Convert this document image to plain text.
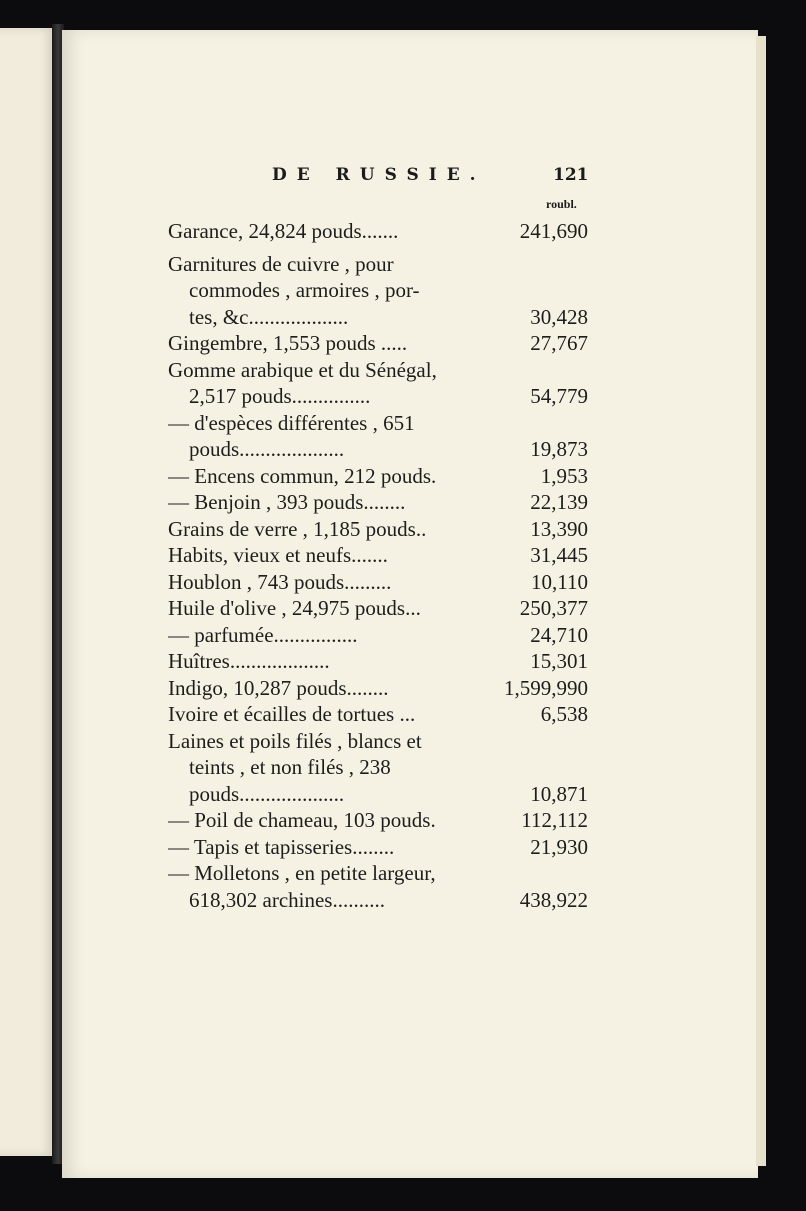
DE RUSSIE.	121
roubl.
Garance, 24,824 pouds.......	241,690
Garnitures de cuivre , pour
commodes , armoires , por-
tes, &c...................	30,428
Gingembre, 1,553 pouds .....	27,767
Gomme arabique et du Sénégal,
2,517 pouds...............	54,779
— d'espèces différentes , 651
pouds....................	19,873
— Encens commun, 212 pouds.	1,953
— Benjoin , 393 pouds........	22,139
Grains de verre , 1,185 pouds..	13,390
Habits, vieux et neufs.......	31,445
Houblon , 743 pouds.........	10,110
Huile d'olive , 24,975 pouds...	250,377
— parfumée................	24,710
Huîtres...................	15,301
Indigo, 10,287 pouds........	1,599,990
Ivoire et écailles de tortues ...	6,538
Laines et poils filés , blancs et
teints , et non filés , 238
pouds....................	10,871
— Poil de chameau, 103 pouds.	112,112
— Tapis et tapisseries........	21,930
— Molletons , en petite largeur,
618,302 archines..........	438,922
